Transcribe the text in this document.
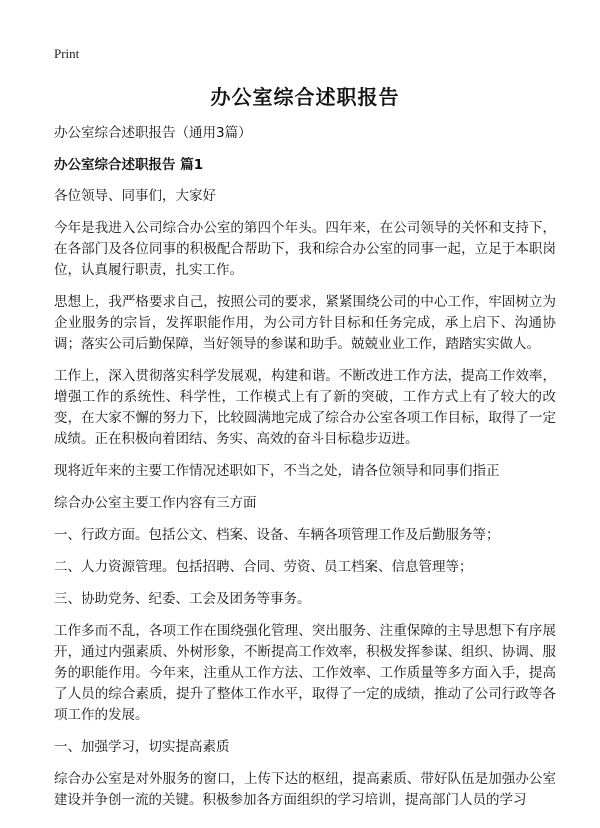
Print
办公室综合述职报告
办公室综合述职报告（通用3篇）
办公室综合述职报告 篇1

各位领导、同事们，大家好

今年是我进入公司综合办公室的第四个年头。四年来，在公司领导的关怀和支持下，在各部门及各位同事的积极配合帮助下，我和综合办公室的同事一起，立足于本职岗位，认真履行职责，扎实工作。

思想上，我严格要求自己，按照公司的要求，紧紧围绕公司的中心工作，牢固树立为企业服务的宗旨，发挥职能作用，为公司方针目标和任务完成，承上启下、沟通协调；落实公司后勤保障，当好领导的参谋和助手。兢兢业业工作，踏踏实实做人。

工作上，深入贯彻落实科学发展观，构建和谐。不断改进工作方法，提高工作效率，增强工作的系统性、科学性，工作模式上有了新的突破，工作方式上有了较大的改变，在大家不懈的努力下，比较圆满地完成了综合办公室各项工作目标，取得了一定成绩。正在积极向着团结、务实、高效的奋斗目标稳步迈进。

现将近年来的主要工作情况述职如下，不当之处，请各位领导和同事们指正

综合办公室主要工作内容有三方面

一、行政方面。包括公文、档案、设备、车辆各项管理工作及后勤服务等；

二、人力资源管理。包括招聘、合同、劳资、员工档案、信息管理等；

三、协助党务、纪委、工会及团务等事务。

工作多而不乱，各项工作在围绕强化管理、突出服务、注重保障的主导思想下有序展开，通过内强素质、外树形象，不断提高工作效率，积极发挥参谋、组织、协调、服务的职能作用。今年来，注重从工作方法、工作效率、工作质量等多方面入手，提高了人员的综合素质，提升了整体工作水平，取得了一定的成绩，推动了公司行政等各项工作的发展。

一、加强学习，切实提高素质

综合办公室是对外服务的窗口，上传下达的枢纽，提高素质、带好队伍是加强办公室建设并争创一流的关键。积极参加各方面组织的学习培训，提高部门人员的学习
